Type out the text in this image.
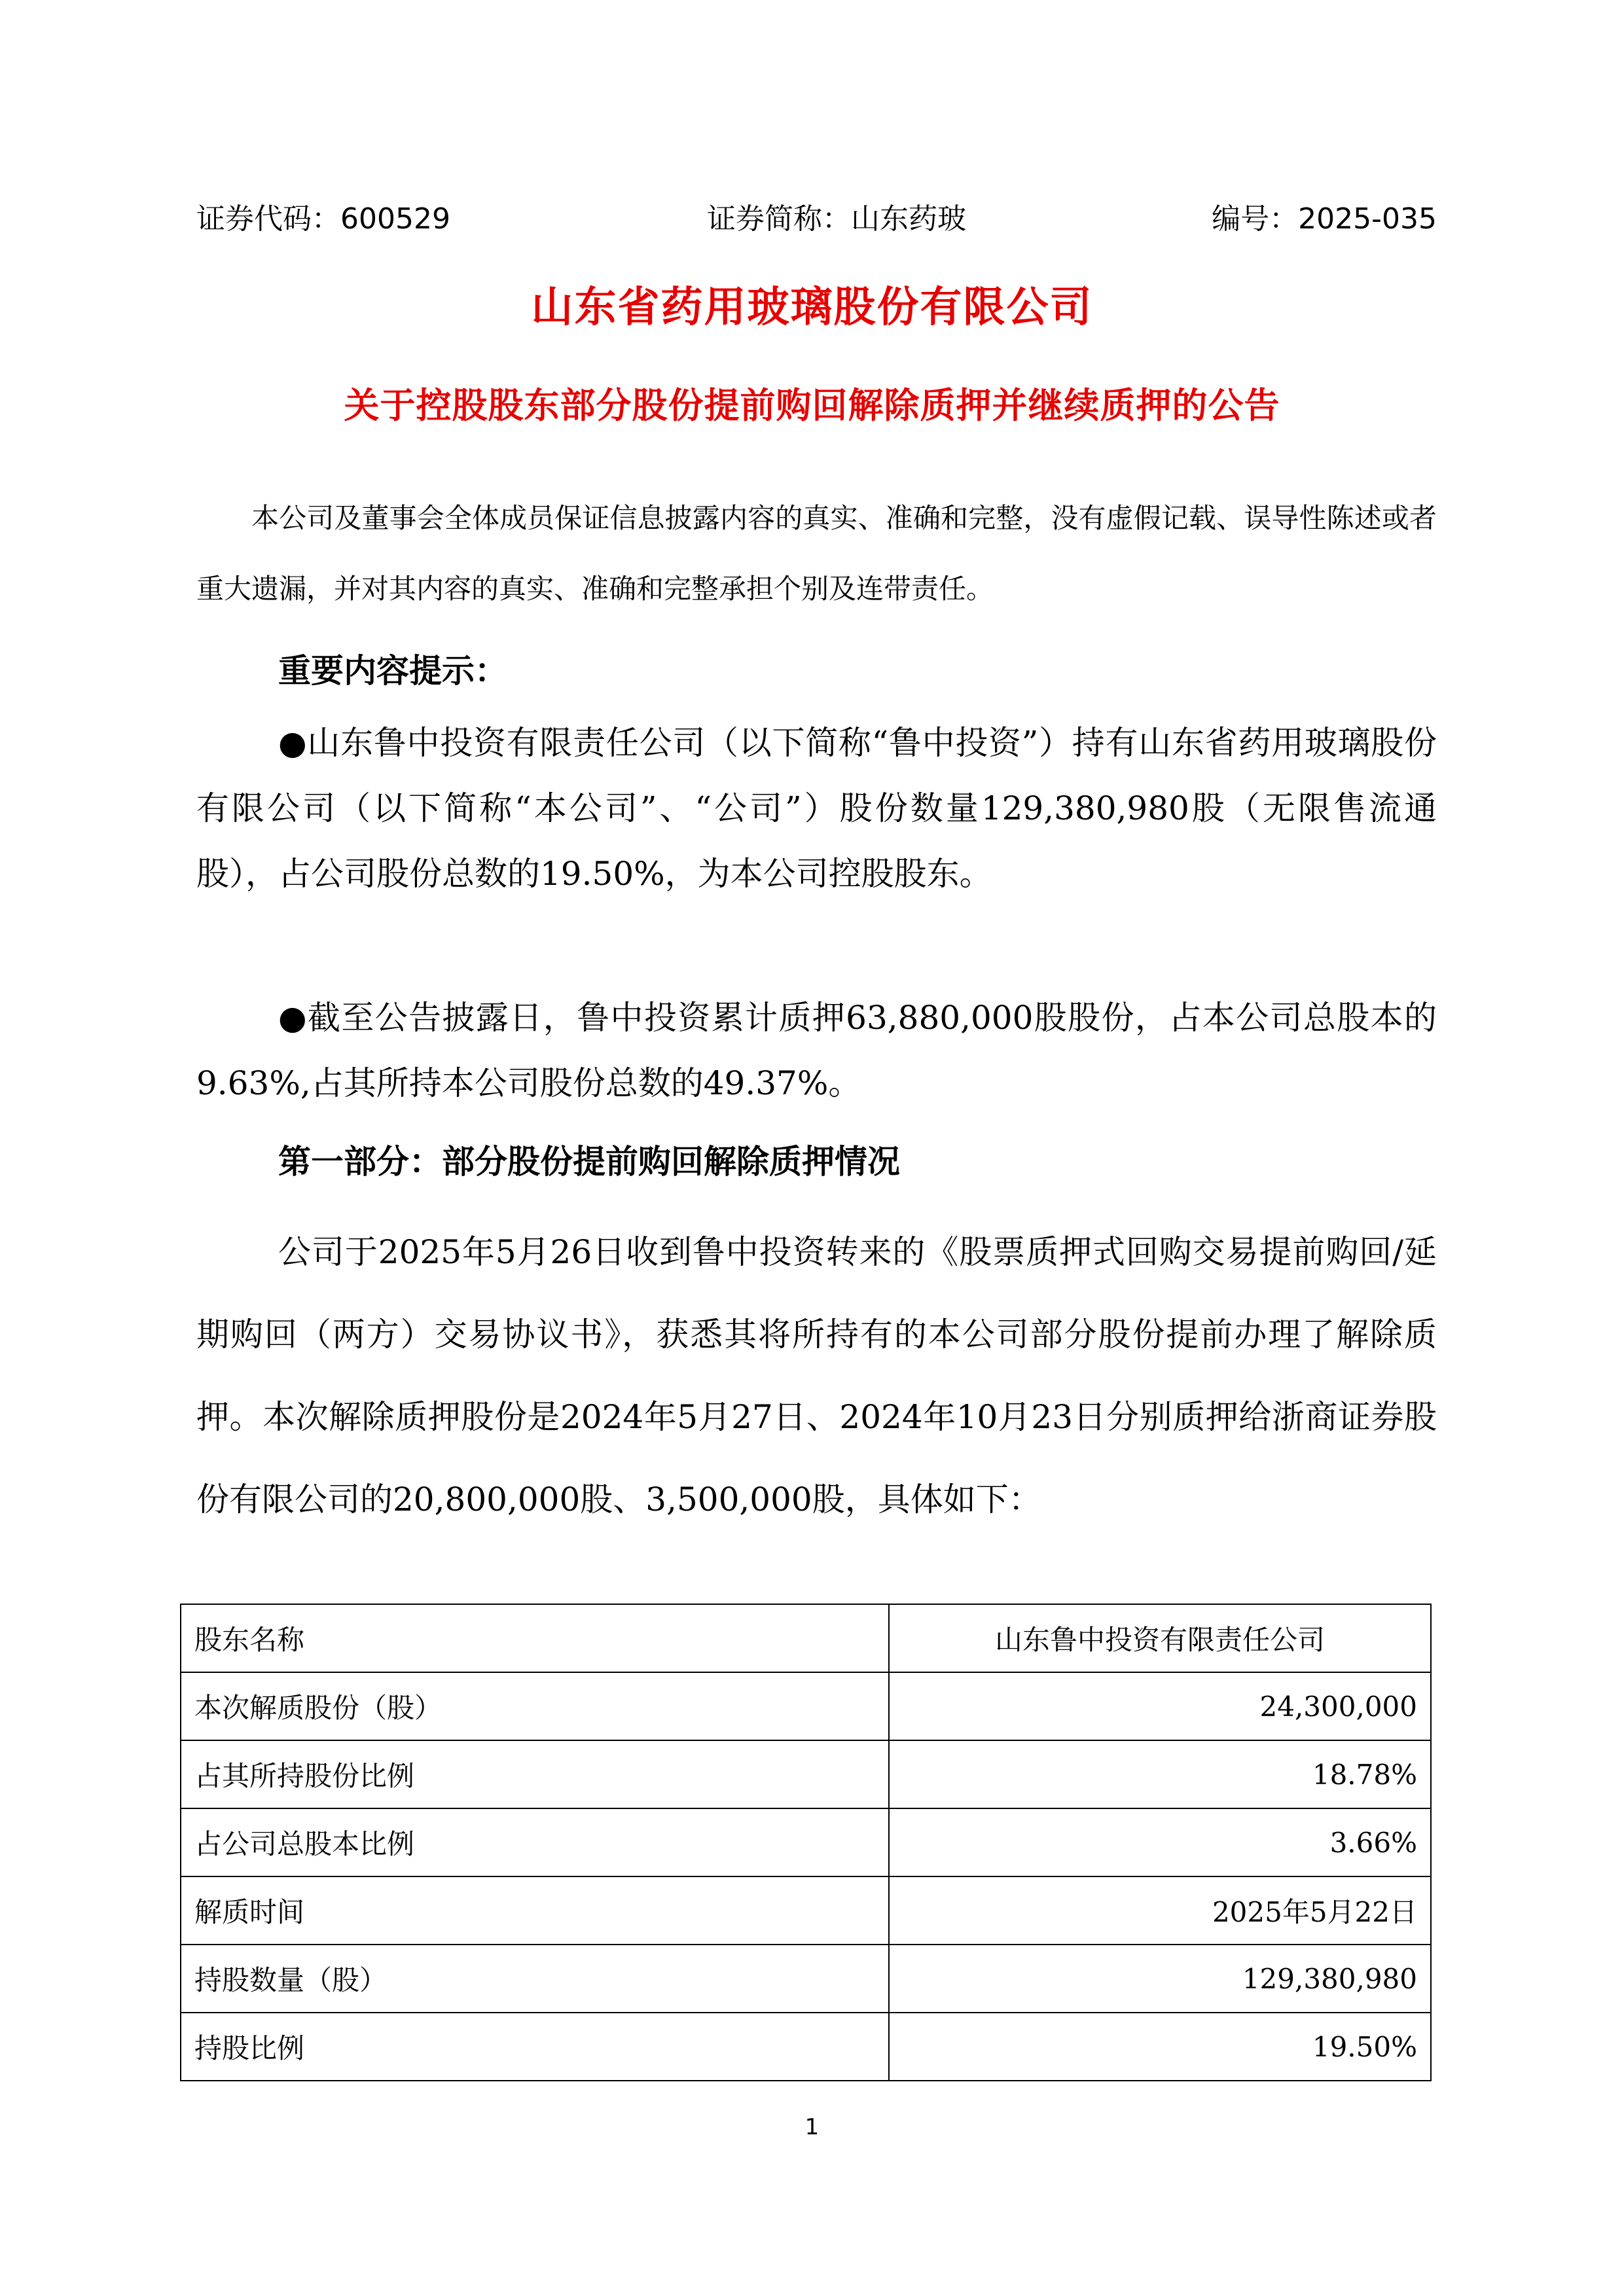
证券代码：600529	证券简称：山东药玻	编号：2025-035
山东省药用玻璃股份有限公司
关于控股股东部分股份提前购回解除质押并继续质押的公告
本公司及董事会全体成员保证信息披露内容的真实、准确和完整，没有虚假记载、误导性陈述或者重大遗漏，并对其内容的真实、准确和完整承担个别及连带责任。
重要内容提示：
●山东鲁中投资有限责任公司（以下简称“鲁中投资”）持有山东省药用玻璃股份有限公司（以下简称“本公司”、“公司”）股份数量129,380,980股（无限售流通股），占公司股份总数的19.50%，为本公司控股股东。
●截至公告披露日，鲁中投资累计质押63,880,000股股份，占本公司总股本的9.63%,占其所持本公司股份总数的49.37%。
第一部分：部分股份提前购回解除质押情况
公司于2025年5月26日收到鲁中投资转来的《股票质押式回购交易提前购回/延期购回（两方）交易协议书》，获悉其将所持有的本公司部分股份提前办理了解除质押。本次解除质押股份是2024年5月27日、2024年10月23日分别质押给浙商证券股份有限公司的20,800,000股、3,500,000股，具体如下：
股东名称	山东鲁中投资有限责任公司
本次解质股份（股）	24,300,000
占其所持股份比例	18.78%
占公司总股本比例	3.66%
解质时间	2025年5月22日
持股数量（股）	129,380,980
持股比例	19.50%
1
